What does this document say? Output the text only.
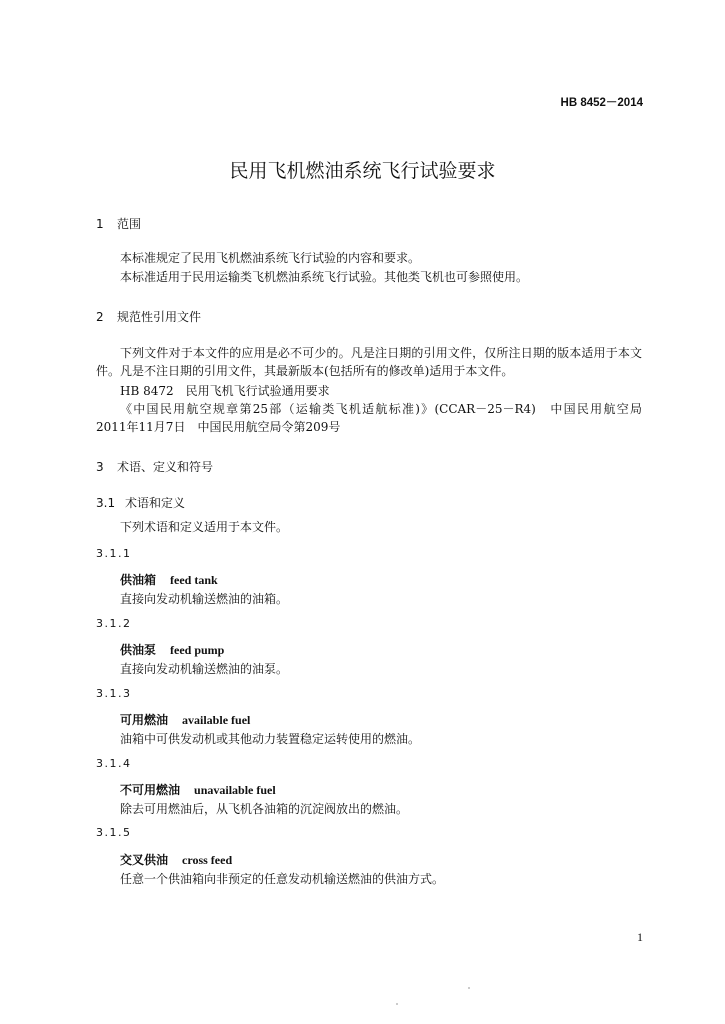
HB 8452－2014
民用飞机燃油系统飞行试验要求
1 范围
本标准规定了民用飞机燃油系统飞行试验的内容和要求。
本标准适用于民用运输类飞机燃油系统飞行试验。其他类飞机也可参照使用。
2 规范性引用文件
下列文件对于本文件的应用是必不可少的。凡是注日期的引用文件，仅所注日期的版本适用于本文件。凡是不注日期的引用文件，其最新版本(包括所有的修改单)适用于本文件。
HB 8472　民用飞机飞行试验通用要求
《中国民用航空规章第25部（运输类飞机适航标准)》(CCAR－25－R4)　中国民用航空局　2011年11月7日　中国民用航空局令第209号
3 术语、定义和符号
3.1 术语和定义
下列术语和定义适用于本文件。
3.1.1
供油箱 feed tank
直接向发动机输送燃油的油箱。
3.1.2
供油泵 feed pump
直接向发动机输送燃油的油泵。
3.1.3
可用燃油 available fuel
油箱中可供发动机或其他动力装置稳定运转使用的燃油。
3.1.4
不可用燃油 unavailable fuel
除去可用燃油后，从飞机各油箱的沉淀阀放出的燃油。
3.1.5
交叉供油 cross feed
任意一个供油箱向非预定的任意发动机输送燃油的供油方式。
1
